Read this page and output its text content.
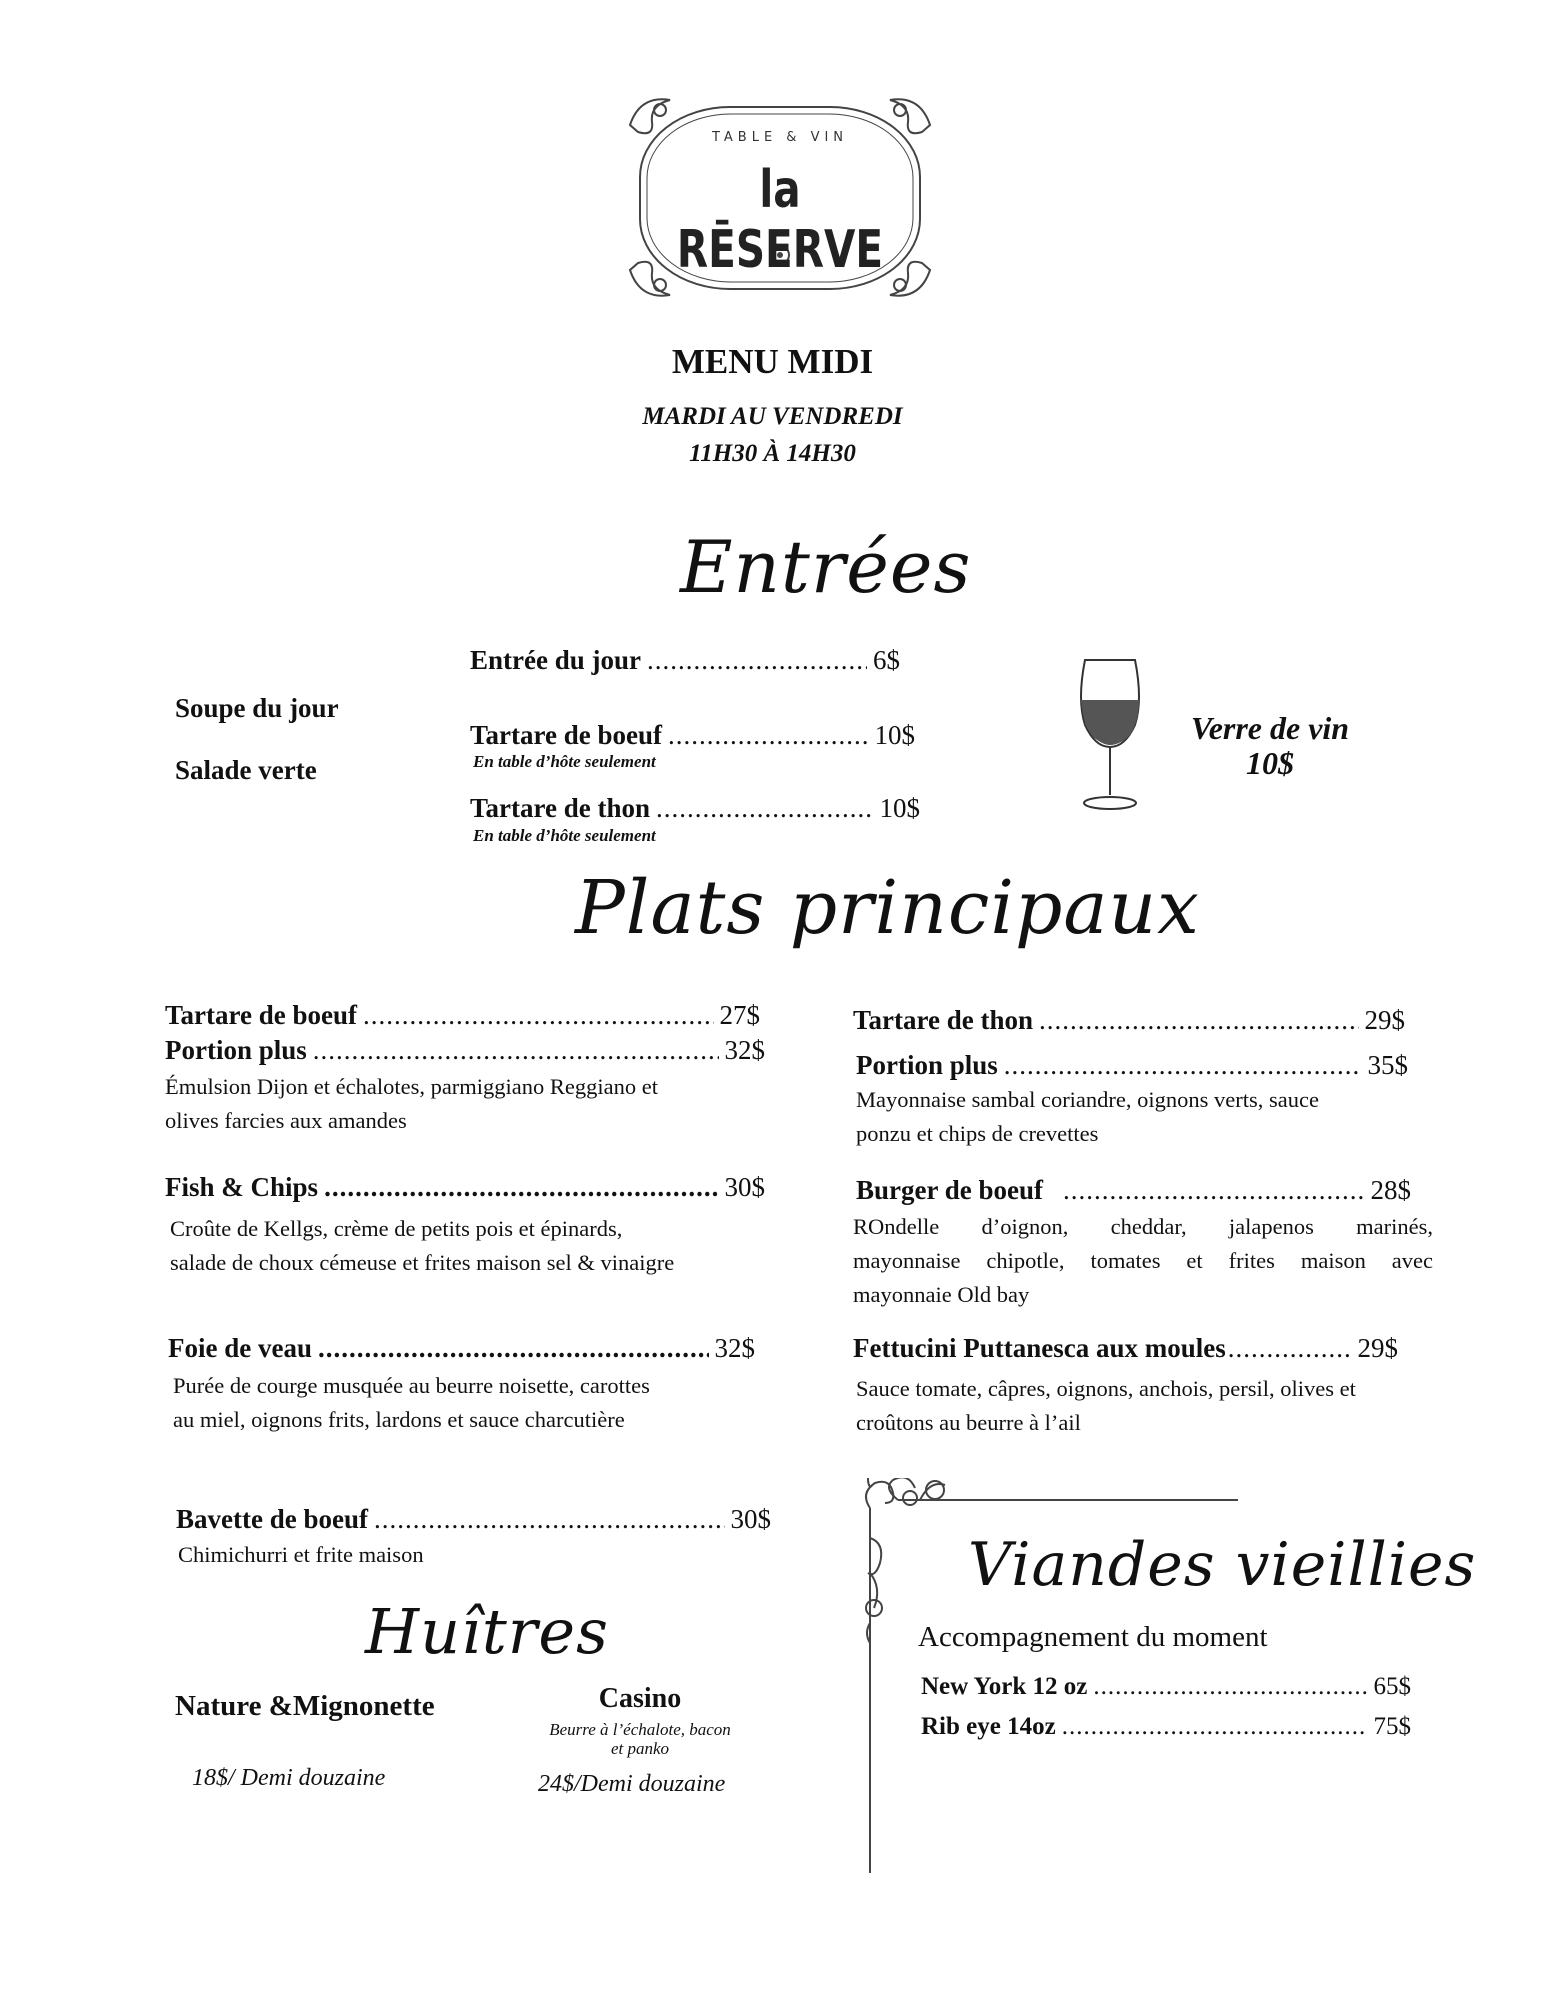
TABLE & VIN
la RĒSERVE
MENU MIDI
MARDI AU VENDREDI
11H30 À 14H30
Entrées
Soupe du jour
Salade verte
Entrée du jour .....	6$
Tartare de boeuf .....	10$
En table d’hôte seulement
Tartare de thon .....	10$
En table d’hôte seulement
Verre de vin
10$
Plats principaux
Tartare de boeuf .....	27$
Portion plus .....	32$
Émulsion Dijon et échalotes, parmiggiano Reggiano et
olives farcies aux amandes
Fish & Chips .....	30$
Croûte de Kellgs, crème de petits pois et épinards,
salade de choux cémeuse et frites maison sel & vinaigre
Foie de veau .....	32$
Purée de courge musquée au beurre noisette, carottes
au miel, oignons frits, lardons et sauce charcutière
Bavette de boeuf .....	30$
Chimichurri et frite maison
Tartare de thon .....	29$
Portion plus .....	35$
Mayonnaise sambal coriandre, oignons verts, sauce
ponzu et chips de crevettes
Burger de boeuf .....	28$
ROndelle d’oignon, cheddar, jalapenos marinés,
mayonnaise chipotle, tomates et frites maison avec
mayonnaie Old bay
Fettucini Puttanesca aux moules .....	29$
Sauce tomate, câpres, oignons, anchois, persil, olives et
croûtons au beurre à l’ail
Huîtres
Nature &Mignonette
18$/ Demi douzaine
Casino
Beurre à l’échalote, bacon
et panko
24$/Demi douzaine
Viandes vieillies
Accompagnement du moment
New York 12 oz .....	65$
Rib eye 14oz .....	75$
